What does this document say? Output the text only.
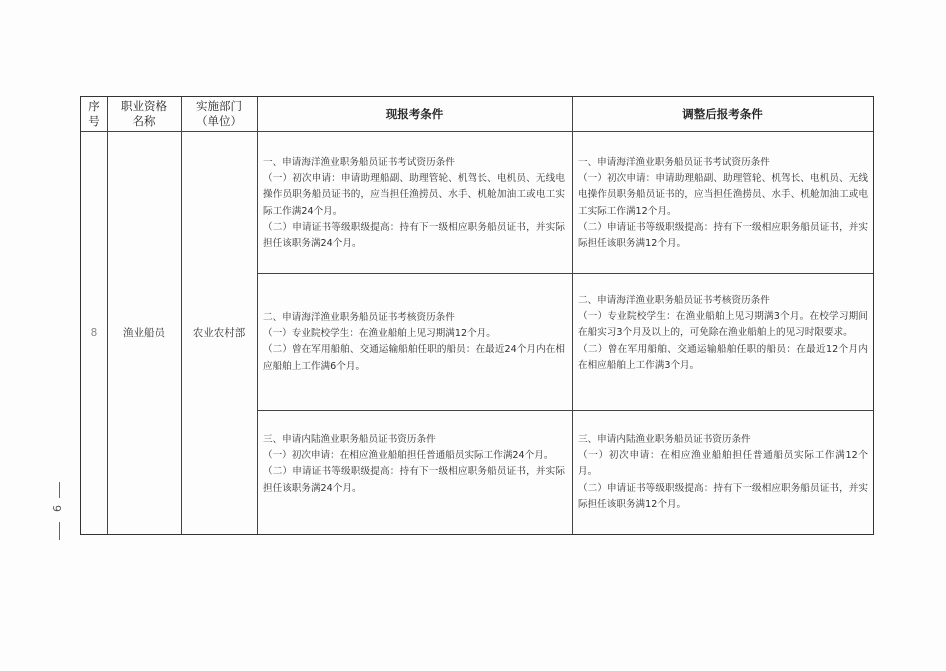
序号
职业资格名称
实施部门（单位）
现报考条件	调整后报考条件
8 渔业船员	农业农村部

一、申请海洋渔业职务船员证书考试资历条件

（一）初次申请：申请助理船副、助理管轮、机驾长、电机员、无线电操作员职务船员证书的，应当担任渔捞员、水手、机舱加油工或电工实际工作满24个月。

（二）申请证书等级职级提高：持有下一级相应职务船员证书，并实际担任该职务满24个月。

二、申请海洋渔业职务船员证书考核资历条件

（一）专业院校学生：在渔业船舶上见习期满12个月。

（二）曾在军用船舶、交通运输船舶任职的船员：在最近24个月内在相应船舶上工作满6个月。

三、申请内陆渔业职务船员证书资历条件

（一）初次申请：在相应渔业船舶担任普通船员实际工作满24个月。

（二）申请证书等级职级提高：持有下一级相应职务船员证书，并实际担任该职务满24个月。

一、申请海洋渔业职务船员证书考试资历条件

（一）初次申请：申请助理船副、助理管轮、机驾长、电机员、无线电操作员职务船员证书的，应当担任渔捞员、水手、机舱加油工或电工实际工作满12个月。

（二）申请证书等级职级提高：持有下一级相应职务船员证书，并实际担任该职务满12个月。

二、申请海洋渔业职务船员证书考核资历条件

（一）专业院校学生：在渔业船舶上见习期满3个月。在校学习期间在船实习3个月及以上的，可免除在渔业船舶上的见习时限要求。

（二）曾在军用船舶、交通运输船舶任职的船员：在最近12个月内在相应船舶上工作满3个月。

三、申请内陆渔业职务船员证书资历条件

（一）初次申请：在相应渔业船舶担任普通船员实际工作满12个月。

（二）申请证书等级职级提高：持有下一级相应职务船员证书，并实际担任该职务满12个月。

9
